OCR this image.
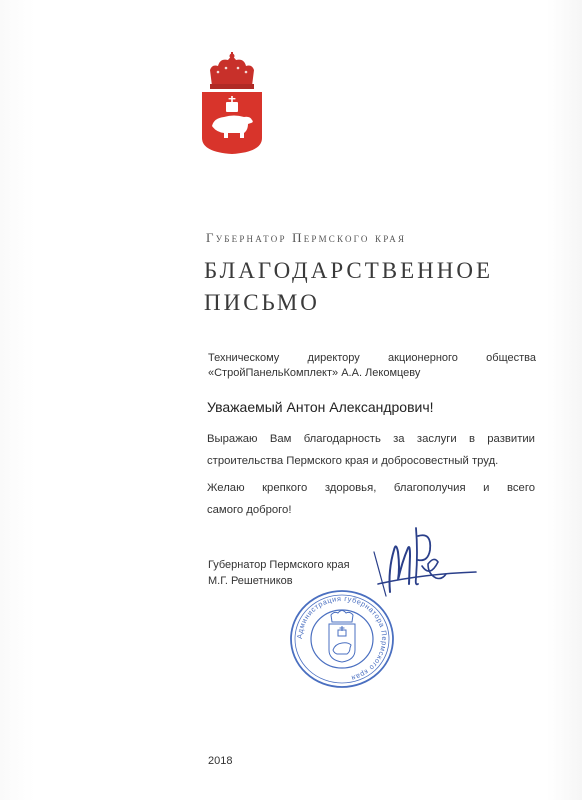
Губернатор Пермского края
БЛАГОДАРСТВЕННОЕ
ПИСЬМО
Техническому директору акционерного общества
«СтройПанельКомплект» А.А. Лекомцеву
Уважаемый Антон Александрович!
Выражаю Вам благодарность за заслуги в развитии
строительства Пермского края и добросовестный труд.
Желаю крепкого здоровья, благополучия и всего
самого доброго!
Губернатор Пермского края
М.Г. Решетников
Администрация губернатора Пермского края
2018
